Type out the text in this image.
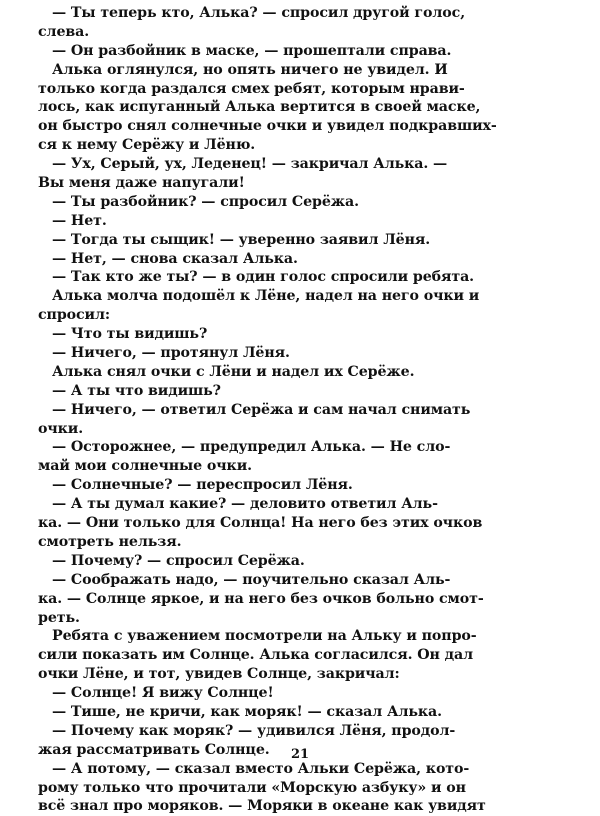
— Ты теперь кто, Алька? — спросил другой голос,
слева.
— Он разбойник в маске, — прошептали справа.
Алька оглянулся, но опять ничего не увидел. И
только когда раздался смех ребят, которым нрави-
лось, как испуганный Алька вертится в своей маске,
он быстро снял солнечные очки и увидел подкравших-
ся к нему Серёжу и Лёню.
— Ух, Серый, ух, Леденец! — закричал Алька. —
Вы меня даже напугали!
— Ты разбойник? — спросил Серёжа.
— Нет.
— Тогда ты сыщик! — уверенно заявил Лёня.
— Нет, — снова сказал Алька.
— Так кто же ты? — в один голос спросили ребята.
Алька молча подошёл к Лёне, надел на него очки и
спросил:
— Что ты видишь?
— Ничего, — протянул Лёня.
Алька снял очки с Лёни и надел их Серёже.
— А ты что видишь?
— Ничего, — ответил Серёжа и сам начал снимать
очки.
— Осторожнее, — предупредил Алька. — Не сло-
май мои солнечные очки.
— Солнечные? — переспросил Лёня.
— А ты думал какие? — деловито ответил Аль-
ка. — Они только для Солнца! На него без этих очков
смотреть нельзя.
— Почему? — спросил Серёжа.
— Соображать надо, — поучительно сказал Аль-
ка. — Солнце яркое, и на него без очков больно смот-
реть.
Ребята с уважением посмотрели на Альку и попро-
сили показать им Солнце. Алька согласился. Он дал
очки Лёне, и тот, увидев Солнце, закричал:
— Солнце! Я вижу Солнце!
— Тише, не кричи, как моряк! — сказал Алька.
— Почему как моряк? — удивился Лёня, продол-
жая рассматривать Солнце.
— А потому, — сказал вместо Альки Серёжа, кото-
рому только что прочитали «Морскую азбуку» и он
всё знал про моряков. — Моряки в океане как увидят
21
